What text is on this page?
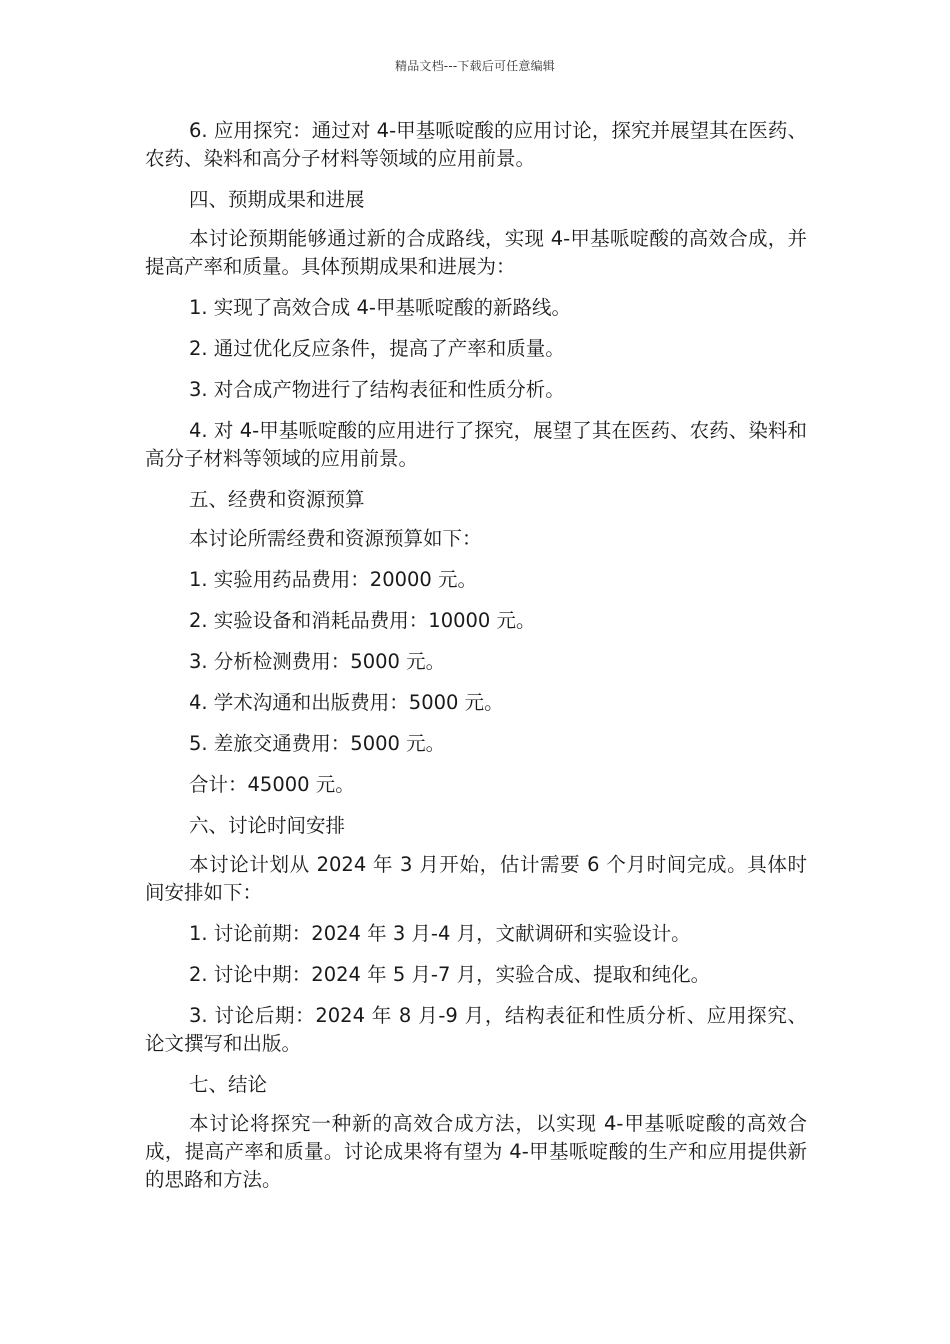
精品文档---下载后可任意编辑

6. 应用探究：通过对 4-甲基哌啶酸的应用讨论，探究并展望其在医药、农药、染料和高分子材料等领域的应用前景。

四、预期成果和进展

本讨论预期能够通过新的合成路线，实现 4-甲基哌啶酸的高效合成，并提高产率和质量。具体预期成果和进展为：

1. 实现了高效合成 4-甲基哌啶酸的新路线。

2. 通过优化反应条件，提高了产率和质量。

3. 对合成产物进行了结构表征和性质分析。

4. 对 4-甲基哌啶酸的应用进行了探究，展望了其在医药、农药、染料和高分子材料等领域的应用前景。

五、经费和资源预算

本讨论所需经费和资源预算如下：

1. 实验用药品费用：20000 元。

2. 实验设备和消耗品费用：10000 元。

3. 分析检测费用：5000 元。

4. 学术沟通和出版费用：5000 元。

5. 差旅交通费用：5000 元。

合计：45000 元。

六、讨论时间安排

本讨论计划从 2024 年 3 月开始，估计需要 6 个月时间完成。具体时间安排如下：

1. 讨论前期：2024 年 3 月-4 月，文献调研和实验设计。

2. 讨论中期：2024 年 5 月-7 月，实验合成、提取和纯化。

3. 讨论后期：2024 年 8 月-9 月，结构表征和性质分析、应用探究、论文撰写和出版。

七、结论

本讨论将探究一种新的高效合成方法，以实现 4-甲基哌啶酸的高效合成，提高产率和质量。讨论成果将有望为 4-甲基哌啶酸的生产和应用提供新的思路和方法。
